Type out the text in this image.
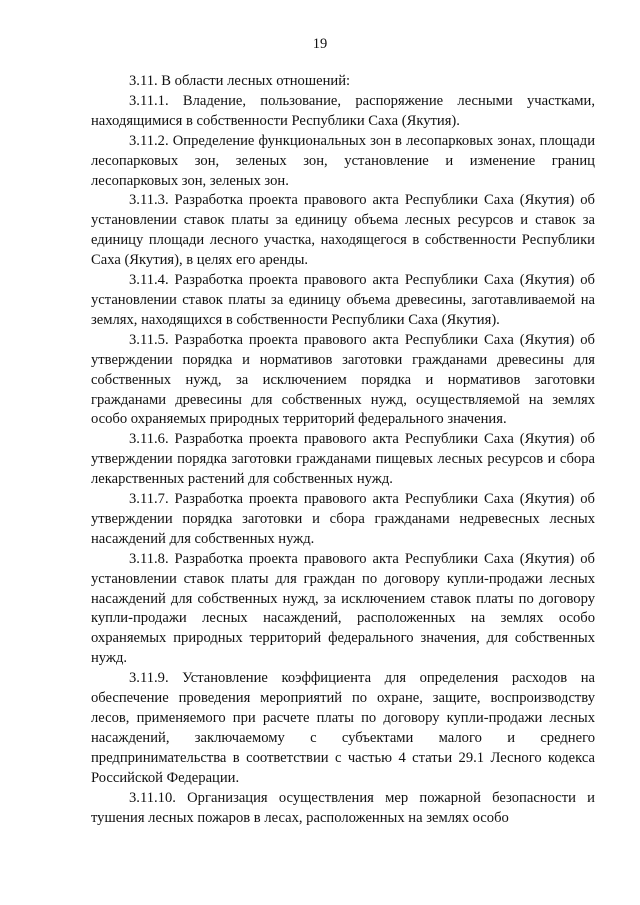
19

3.11. В области лесных отношений:

3.11.1. Владение, пользование, распоряжение лесными участками, находящимися в собственности Республики Саха (Якутия).

3.11.2. Определение функциональных зон в лесопарковых зонах, площади лесопарковых зон, зеленых зон, установление и изменение границ лесопарковых зон, зеленых зон.

3.11.3. Разработка проекта правового акта Республики Саха (Якутия) об установлении ставок платы за единицу объема лесных ресурсов и ставок за единицу площади лесного участка, находящегося в собственности Республики Саха (Якутия), в целях его аренды.

3.11.4. Разработка проекта правового акта Республики Саха (Якутия) об установлении ставок платы за единицу объема древесины, заготавливаемой на землях, находящихся в собственности Республики Саха (Якутия).

3.11.5. Разработка проекта правового акта Республики Саха (Якутия) об утверждении порядка и нормативов заготовки гражданами древесины для собственных нужд, за исключением порядка и нормативов заготовки гражданами древесины для собственных нужд, осуществляемой на землях особо охраняемых природных территорий федерального значения.

3.11.6. Разработка проекта правового акта Республики Саха (Якутия) об утверждении порядка заготовки гражданами пищевых лесных ресурсов и сбора лекарственных растений для собственных нужд.

3.11.7. Разработка проекта правового акта Республики Саха (Якутия) об утверждении порядка заготовки и сбора гражданами недревесных лесных насаждений для собственных нужд.

3.11.8. Разработка проекта правового акта Республики Саха (Якутия) об установлении ставок платы для граждан по договору купли-продажи лесных насаждений для собственных нужд, за исключением ставок платы по договору купли-продажи лесных насаждений, расположенных на землях особо охраняемых природных территорий федерального значения, для собственных нужд.

3.11.9. Установление коэффициента для определения расходов на обеспечение проведения мероприятий по охране, защите, воспроизводству лесов, применяемого при расчете платы по договору купли-продажи лесных насаждений, заключаемому с субъектами малого и среднего предпринимательства в соответствии с частью 4 статьи 29.1 Лесного кодекса Российской Федерации.

3.11.10. Организация осуществления мер пожарной безопасности и тушения лесных пожаров в лесах, расположенных на землях особо
